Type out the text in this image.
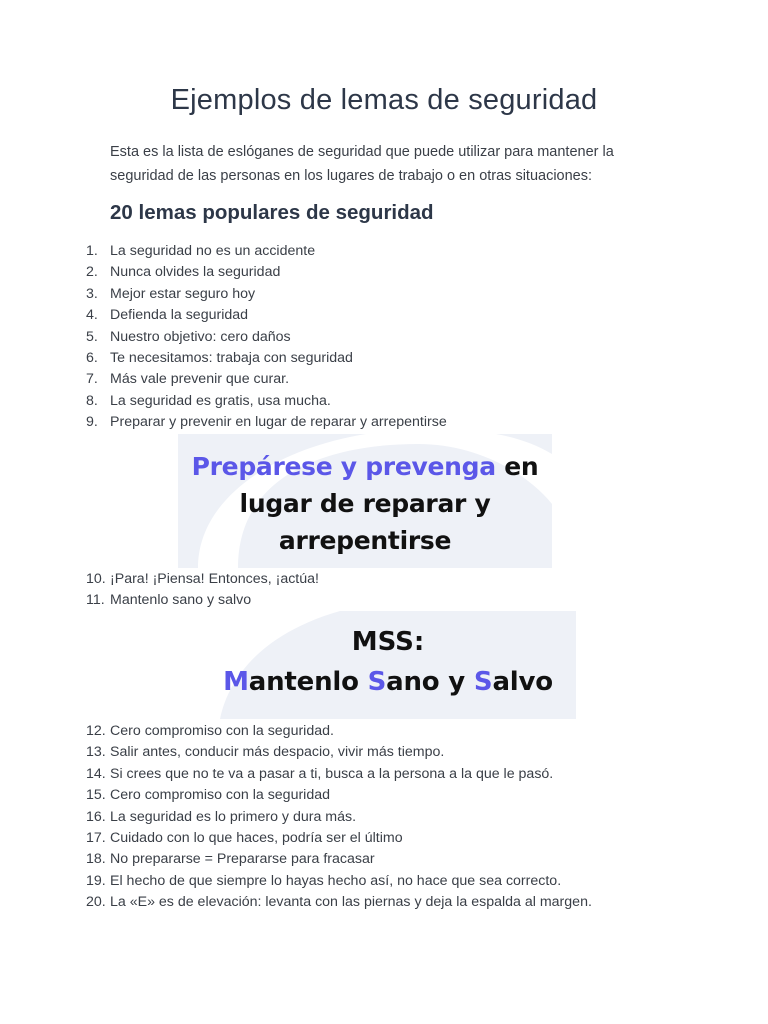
Ejemplos de lemas de seguridad

Esta es la lista de eslóganes de seguridad que puede utilizar para mantener la seguridad de las personas en los lugares de trabajo o en otras situaciones:

20 lemas populares de seguridad
1. La seguridad no es un accidente
2. Nunca olvides la seguridad
3. Mejor estar seguro hoy
4. Defienda la seguridad
5. Nuestro objetivo: cero daños
6. Te necesitamos: trabaja con seguridad
7. Más vale prevenir que curar.
8. La seguridad es gratis, usa mucha.
9. Preparar y prevenir en lugar de reparar y arrepentirse
Prepárese y prevenga en
lugar de reparar y
arrepentirse
10. ¡Para! ¡Piensa! Entonces, ¡actúa!
11. Mantenlo sano y salvo
MSS:
Mantenlo Sano y Salvo
12. Cero compromiso con la seguridad.
13. Salir antes, conducir más despacio, vivir más tiempo.
14. Si crees que no te va a pasar a ti, busca a la persona a la que le pasó.
15. Cero compromiso con la seguridad
16. La seguridad es lo primero y dura más.
17. Cuidado con lo que haces, podría ser el último
18. No prepararse = Prepararse para fracasar
19. El hecho de que siempre lo hayas hecho así, no hace que sea correcto.
20. La «E» es de elevación: levanta con las piernas y deja la espalda al margen.
